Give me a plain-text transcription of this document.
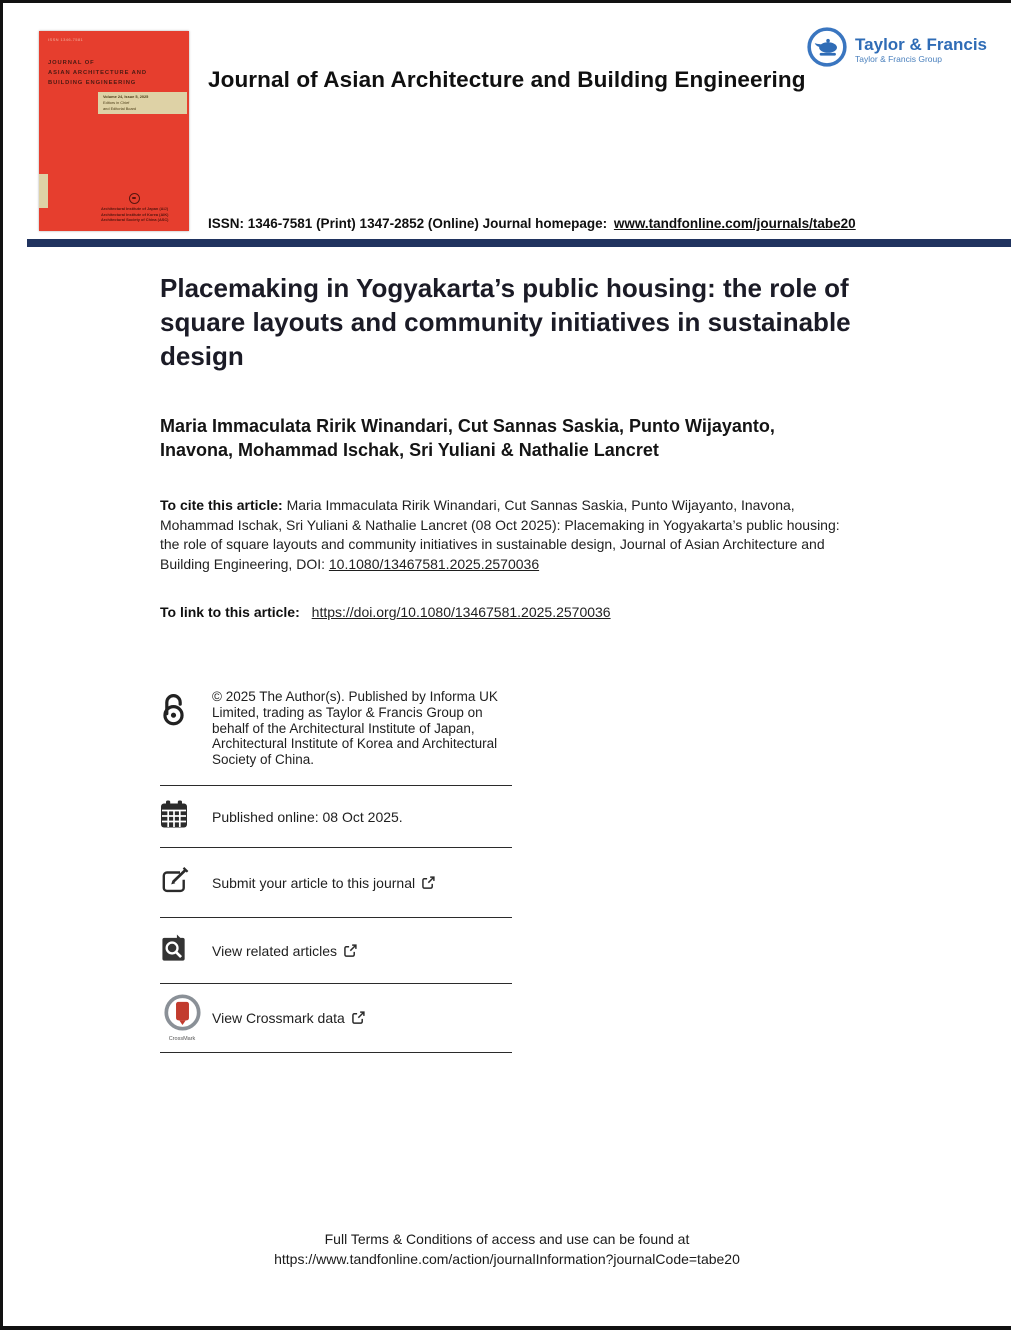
ISSN 1346-7581
JOURNAL OF
ASIAN ARCHITECTURE AND
BUILDING ENGINEERING
Volume 24, Issue 5, 2025
Editors in Chief
and Editorial Board
Architectural Institute of Japan (AIJ)
Architectural Institute of Korea (AIK)
Architectural Society of China (ASC)
Journal of Asian Architecture and Building Engineering
Taylor & Francis
Taylor & Francis Group
ISSN: 1346-7581 (Print) 1347-2852 (Online) Journal homepage: www.tandfonline.com/journals/tabe20
Placemaking in Yogyakarta’s public housing: the role of square layouts and community initiatives in sustainable design
Maria Immaculata Ririk Winandari, Cut Sannas Saskia, Punto Wijayanto, Inavona, Mohammad Ischak, Sri Yuliani & Nathalie Lancret
To cite this article: Maria Immaculata Ririk Winandari, Cut Sannas Saskia, Punto Wijayanto, Inavona, Mohammad Ischak, Sri Yuliani & Nathalie Lancret (08 Oct 2025): Placemaking in Yogyakarta’s public housing: the role of square layouts and community initiatives in sustainable design, Journal of Asian Architecture and Building Engineering, DOI: 10.1080/13467581.2025.2570036
To link to this article: https://doi.org/10.1080/13467581.2025.2570036
© 2025 The Author(s). Published by Informa UK Limited, trading as Taylor & Francis Group on behalf of the Architectural Institute of Japan, Architectural Institute of Korea and Architectural Society of China.
Published online: 08 Oct 2025.
Submit your article to this journal
View related articles
CrossMark
View Crossmark data
Full Terms & Conditions of access and use can be found at
https://www.tandfonline.com/action/journalInformation?journalCode=tabe20
